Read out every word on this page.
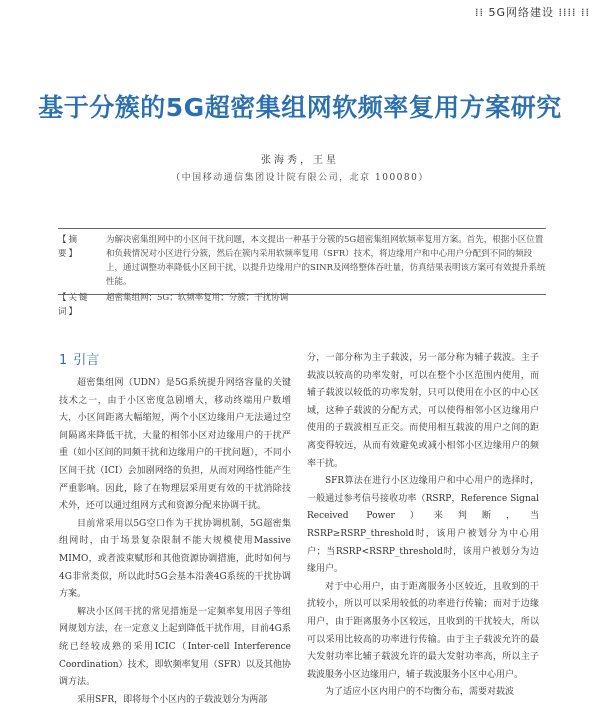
⁞⁞ 5G网络建设 ⁞⁞⁞⁞ ⁞⁞
基于分簇的5G超密集组网软频率复用方案研究
张海秀，王星
（中国移动通信集团设计院有限公司，北京 100080）
【摘　要】
为解决密集组网中的小区间干扰问题，本文提出一种基于分簇的5G超密集组网软频率复用方案。首先，根据小区位置和负载情况对小区进行分簇，然后在簇内采用软频率复用（SFR）技术，将边缘用户和中心用户分配到不同的频段上，通过调整功率降低小区间干扰，以提升边缘用户的SINR及网络整体吞吐量，仿真结果表明该方案可有效提升系统性能。
【关键词】
超密集组网；5G；软频率复用；分簇；干扰协调
1 引言

超密集组网（UDN）是5G系统提升网络容量的关键技术之一，由于小区密度急剧增大，移动终端用户数增大，小区间距离大幅缩短，两个小区边缘用户无法通过空间隔离来降低干扰，大量的相邻小区对边缘用户的干扰严重（如小区间的同频干扰和边缘用户的干扰问题），不同小区间干扰（ICI）会加剧网络的负担，从而对网络性能产生严重影响。因此，除了在物理层采用更有效的干扰消除技术外，还可以通过组网方式和资源分配来协调干扰。

目前常采用以5G空口作为干扰协调机制，5G超密集组网时，由于场景复杂限制不能大规模使用Massive MIMO，或者波束赋形和其他资源协调措施，此时如何与4G非常类似，所以此时5G会基本沿袭4G系统的干扰协调方案。

解决小区间干扰的常见措施是一定频率复用因子等组网规划方法，在一定意义上起到降低干扰作用，目前4G系统已经较成熟的采用ICIC（Inter-cell Interference Coordination）技术，即软频率复用（SFR）以及其他协调方法。

采用SFR，即将每个小区内的子载波划分为两部

分，一部分称为主子载波，另一部分称为辅子载波。主子载波以较高的功率发射，可以在整个小区范围内使用，而辅子载波以较低的功率发射，只可以使用在小区的中心区域，这种子载波的分配方式，可以使得相邻小区边缘用户使用的子载波相互正交。而使用相互载波的用户之间的距离变得较远，从而有效避免或减小相邻小区边缘用户的频率干扰。

SFR算法在进行小区边缘用户和中心用户的选择时，一般通过参考信号接收功率（RSRP，Reference Signal Received Power）来判断，当RSRP≥RSRP_threshold时，该用户被划分为中心用户；当RSRP<RSRP_threshold时，该用户被划分为边缘用户。

对于中心用户，由于距离服务小区较近，且收到的干扰较小，所以可以采用较低的功率进行传输；而对于边缘用户，由于距离服务小区较远，且收到的干扰较大，所以可以采用比较高的功率进行传输。由于主子载波允许的最大发射功率比辅子载波允许的最大发射功率高，所以主子载波服务小区边缘用户，辅子载波服务小区中心用户。

为了适应小区内用户的不均衡分布，需要对载波
